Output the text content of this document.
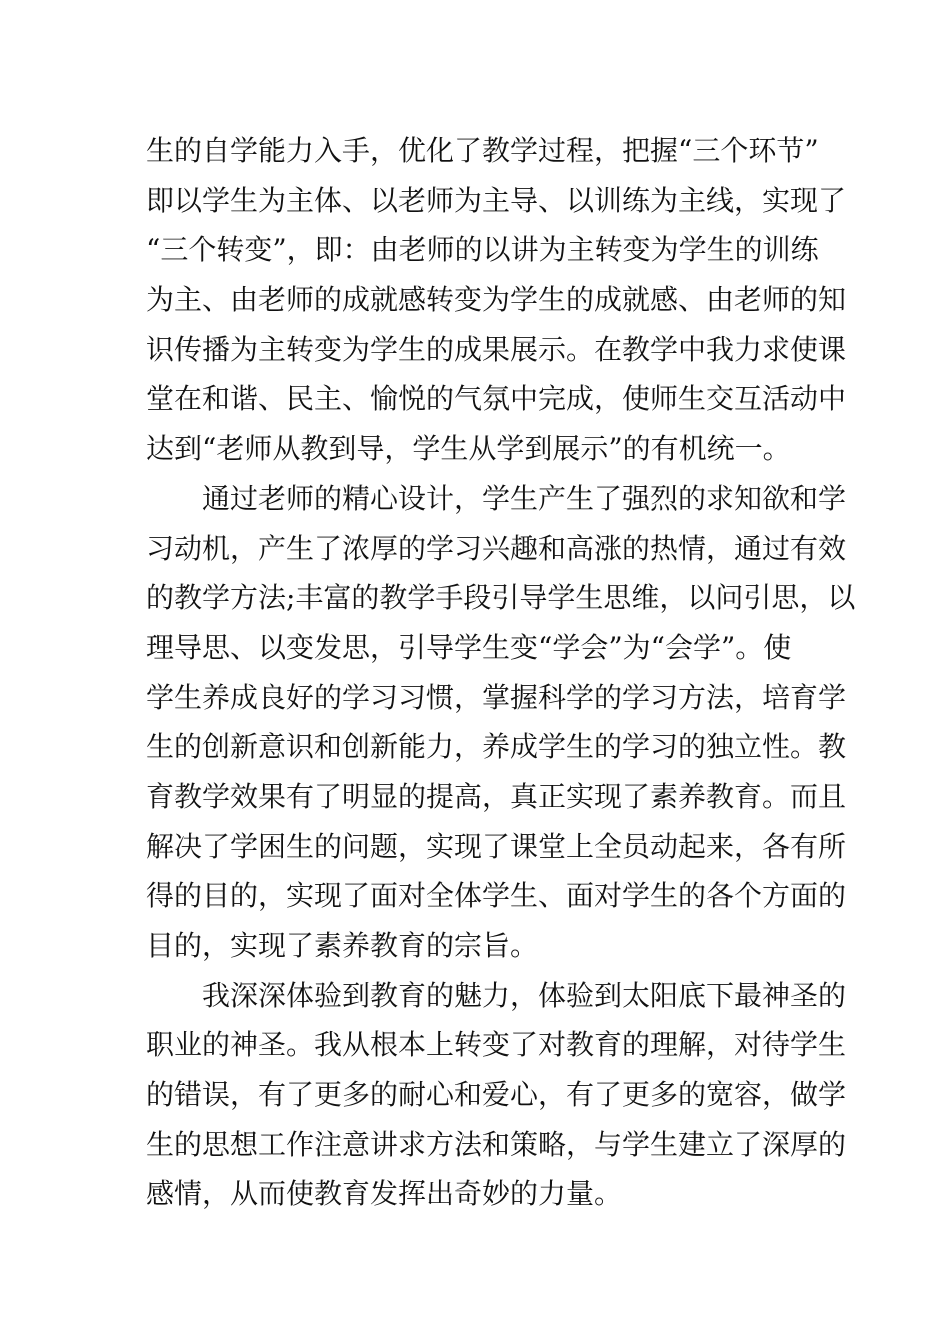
生的自学能力入手，优化了教学过程，把握“三个环节”
即以学生为主体、以老师为主导、以训练为主线，实现了
“三个转变”，即：由老师的以讲为主转变为学生的训练
为主、由老师的成就感转变为学生的成就感、由老师的知
识传播为主转变为学生的成果展示。在教学中我力求使课
堂在和谐、民主、愉悦的气氛中完成，使师生交互活动中
达到“老师从教到导，学生从学到展示”的有机统一。
通过老师的精心设计，学生产生了强烈的求知欲和学
习动机，产生了浓厚的学习兴趣和高涨的热情，通过有效
的教学方法;丰富的教学手段引导学生思维，以问引思，以
理导思、以变发思，引导学生变“学会”为“会学”。使
学生养成良好的学习习惯，掌握科学的学习方法，培育学
生的创新意识和创新能力，养成学生的学习的独立性。教
育教学效果有了明显的提高，真正实现了素养教育。而且
解决了学困生的问题，实现了课堂上全员动起来，各有所
得的目的，实现了面对全体学生、面对学生的各个方面的
目的，实现了素养教育的宗旨。
我深深体验到教育的魅力，体验到太阳底下最神圣的
职业的神圣。我从根本上转变了对教育的理解，对待学生
的错误，有了更多的耐心和爱心，有了更多的宽容，做学
生的思想工作注意讲求方法和策略，与学生建立了深厚的
感情，从而使教育发挥出奇妙的力量。
